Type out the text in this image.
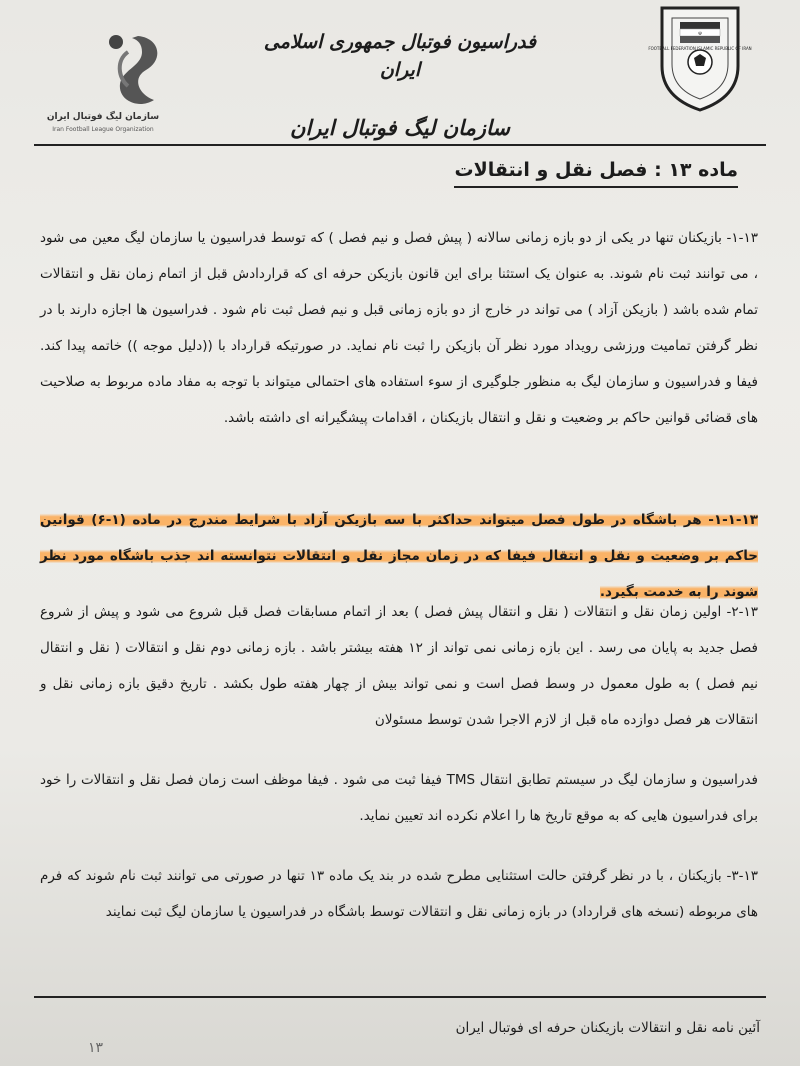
سازمان لیگ فوتبال ایران
Iran Football League Organization
فدراسیون فوتبال جمهوری اسلامی ایران
سازمان لیگ فوتبال ایران
☫
FOOTBALL FEDERATION ISLAMIC REPUBLIC OF IRAN
ماده ۱۳ : فصل نقل و انتقالات
۱-۱۳- بازیکنان تنها در یکی از دو بازه زمانی سالانه ( پیش فصل و نیم فصل ) که توسط فدراسیون یا سازمان لیگ معین می شود ، می توانند ثبت نام شوند. به عنوان یک استثنا برای این قانون بازیکن حرفه ای که قراردادش قبل از اتمام زمان نقل و انتقالات تمام شده باشد ( بازیکن آزاد ) می تواند در خارج از دو بازه زمانی قبل و نیم فصل ثبت نام شود . فدراسیون ها اجازه دارند با در نظر گرفتن تمامیت ورزشی رویداد مورد نظر آن بازیکن را ثبت نام نماید. در صورتیکه قرارداد با ((دلیل موجه )) خاتمه پیدا کند. فیفا و فدراسیون و سازمان لیگ به منظور جلوگیری از سوء استفاده های احتمالی میتواند با توجه به مفاد ماده مربوط به صلاحیت های قضائی قوانین حاکم بر وضعیت و نقل و انتقال بازیکنان ، اقدامات پیشگیرانه ای داشته باشد.
۱-۱-۱۳- هر باشگاه در طول فصل میتواند حداکثر با سه بازیکن آزاد با شرایط مندرج در ماده (۱-۶) قوانین حاکم بر وضعیت و نقل و انتقال فیفا که در زمان مجاز نقل و انتقالات نتوانسته اند جذب باشگاه مورد نظر شوند را به خدمت بگیرد.
۲-۱۳- اولین زمان نقل و انتقالات ( نقل و انتقال پیش فصل ) بعد از اتمام مسابقات فصل قبل شروع می شود و پیش از شروع فصل جدید به پایان می رسد . این بازه زمانی نمی تواند از ۱۲ هفته بیشتر باشد . بازه زمانی دوم نقل و انتقالات ( نقل و انتقال نیم فصل ) به طول معمول در وسط فصل است و نمی تواند بیش از چهار هفته طول بکشد . تاریخ دقیق بازه زمانی نقل و انتقالات هر فصل دوازده ماه قبل از لازم الاجرا شدن توسط مسئولان
فدراسیون و سازمان لیگ در سیستم تطابق انتقال TMS فیفا ثبت می شود . فیفا موظف است زمان فصل نقل و انتقالات را خود برای فدراسیون هایی که به موقع تاریخ ها را اعلام نکرده اند تعیین نماید.
۳-۱۳- بازیکنان ، با در نظر گرفتن حالت استثنایی مطرح شده در بند یک ماده ۱۳ تنها در صورتی می توانند ثبت نام شوند که فرم های مربوطه (نسخه های قرارداد) در بازه زمانی نقل و انتقالات توسط باشگاه در فدراسیون یا سازمان لیگ ثبت نمایند
آئین نامه نقل و انتقالات بازیکنان حرفه ای فوتبال ایران
۱۳
